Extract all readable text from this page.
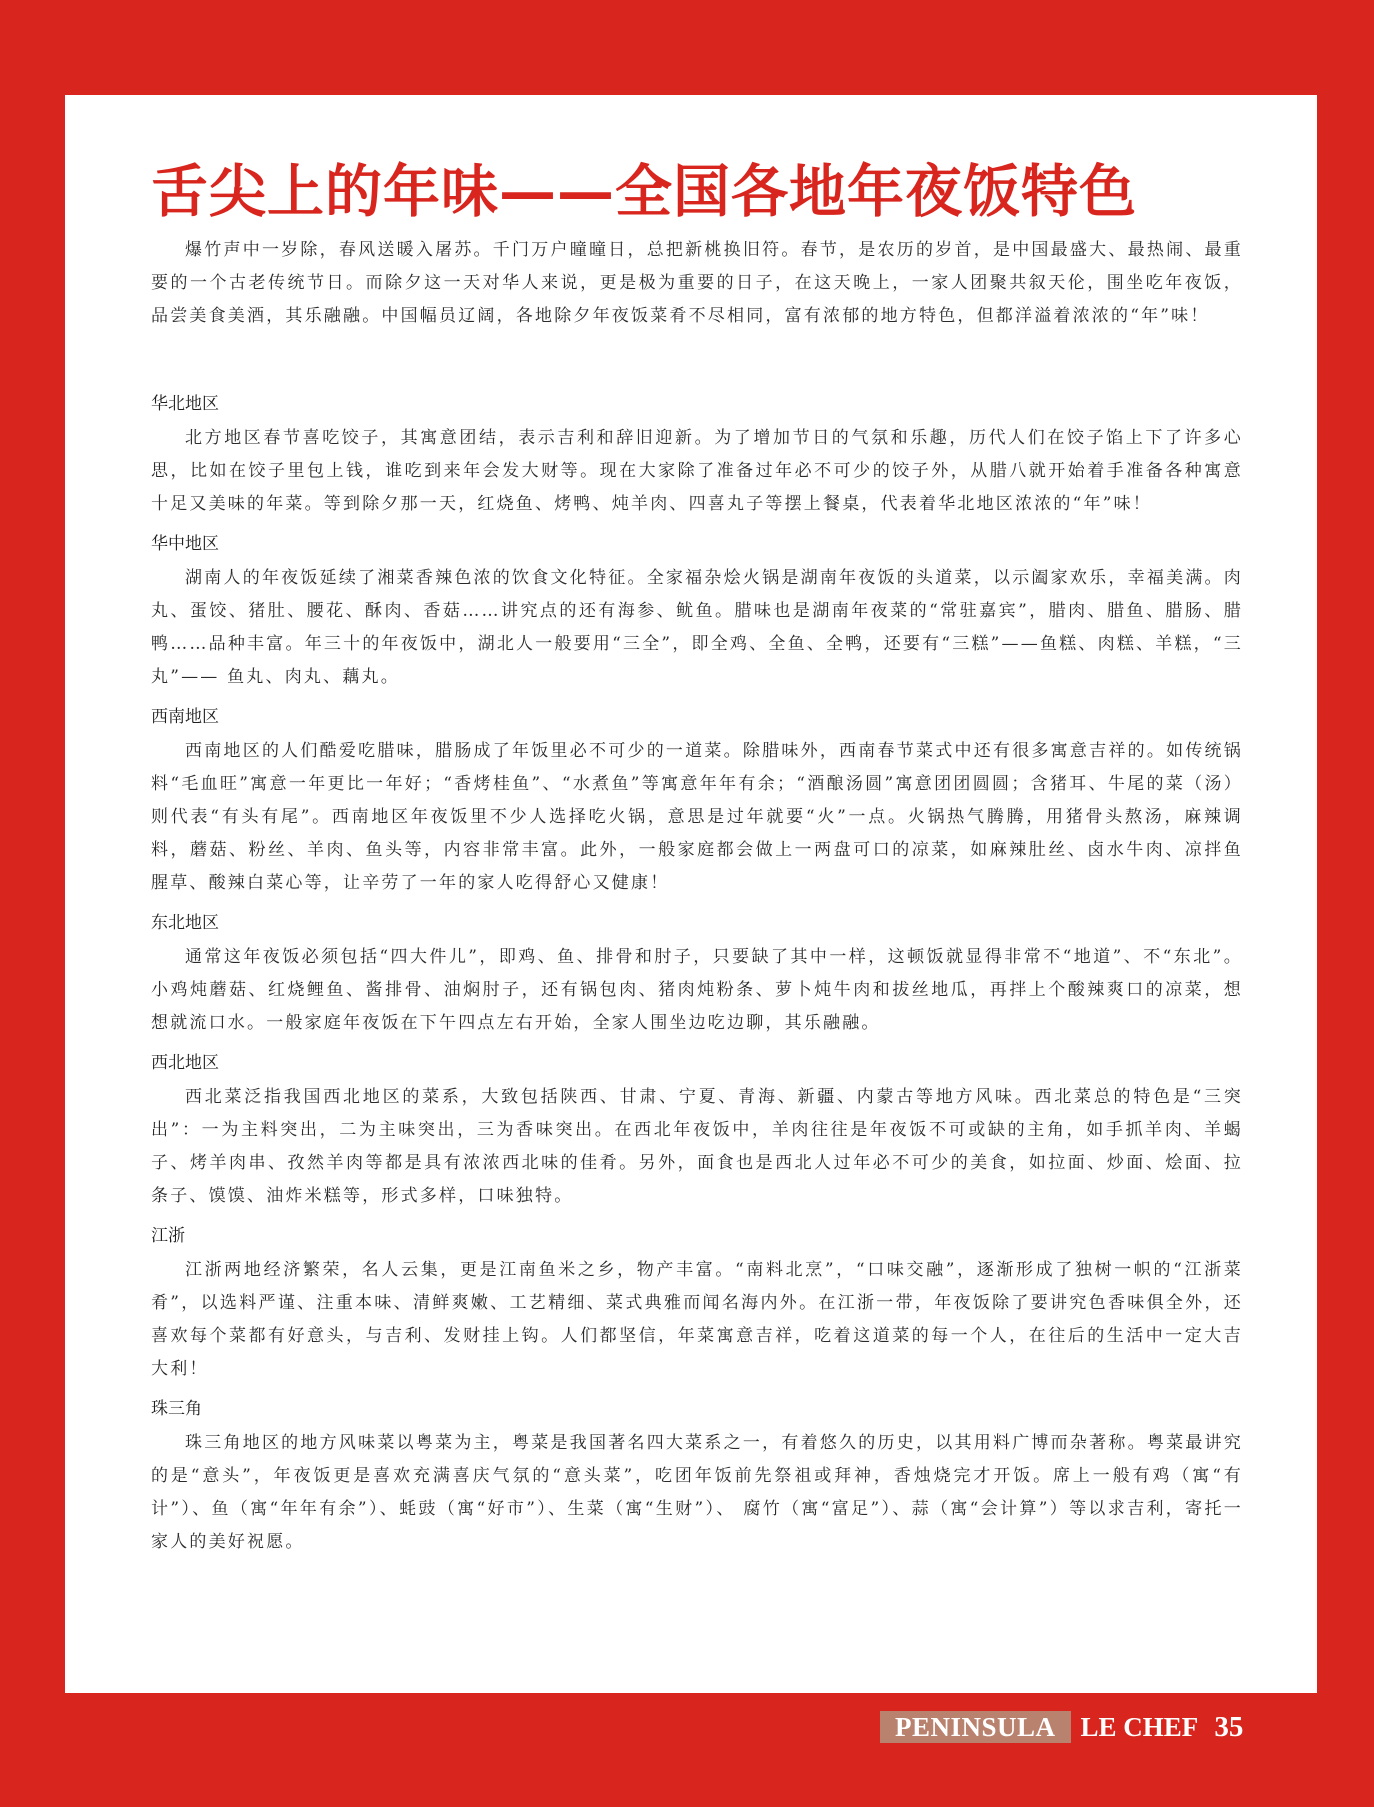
舌尖上的年味——全国各地年夜饭特色

爆竹声中一岁除，春风送暖入屠苏。千门万户曈曈日，总把新桃换旧符。春节，是农历的岁首，是中国最盛大、最热闹、最重要的一个古老传统节日。而除夕这一天对华人来说，更是极为重要的日子，在这天晚上，一家人团聚共叙天伦，围坐吃年夜饭，品尝美食美酒，其乐融融。中国幅员辽阔，各地除夕年夜饭菜肴不尽相同，富有浓郁的地方特色，但都洋溢着浓浓的“年”味！

华北地区

北方地区春节喜吃饺子，其寓意团结，表示吉利和辞旧迎新。为了增加节日的气氛和乐趣，历代人们在饺子馅上下了许多心思，比如在饺子里包上钱，谁吃到来年会发大财等。现在大家除了准备过年必不可少的饺子外，从腊八就开始着手准备各种寓意十足又美味的年菜。等到除夕那一天，红烧鱼、烤鸭、炖羊肉、四喜丸子等摆上餐桌，代表着华北地区浓浓的“年”味！

华中地区

湖南人的年夜饭延续了湘菜香辣色浓的饮食文化特征。全家福杂烩火锅是湖南年夜饭的头道菜，以示阖家欢乐，幸福美满。肉丸、蛋饺、猪肚、腰花、酥肉、香菇……讲究点的还有海参、鱿鱼。腊味也是湖南年夜菜的“常驻嘉宾”，腊肉、腊鱼、腊肠、腊鸭……品种丰富。年三十的年夜饭中，湖北人一般要用“三全”，即全鸡、全鱼、全鸭，还要有“三糕”——鱼糕、肉糕、羊糕，“三丸”—— 鱼丸、肉丸、藕丸。

西南地区

西南地区的人们酷爱吃腊味，腊肠成了年饭里必不可少的一道菜。除腊味外，西南春节菜式中还有很多寓意吉祥的。如传统锅料“毛血旺”寓意一年更比一年好；“香烤桂鱼”、“水煮鱼”等寓意年年有余；“酒酿汤圆”寓意团团圆圆；含猪耳、牛尾的菜（汤）则代表“有头有尾”。西南地区年夜饭里不少人选择吃火锅，意思是过年就要“火”一点。火锅热气腾腾，用猪骨头熬汤，麻辣调料，蘑菇、粉丝、羊肉、鱼头等，内容非常丰富。此外，一般家庭都会做上一两盘可口的凉菜，如麻辣肚丝、卤水牛肉、凉拌鱼腥草、酸辣白菜心等，让辛劳了一年的家人吃得舒心又健康！

东北地区

通常这年夜饭必须包括“四大件儿”，即鸡、鱼、排骨和肘子，只要缺了其中一样，这顿饭就显得非常不“地道”、不“东北”。小鸡炖蘑菇、红烧鲤鱼、酱排骨、油焖肘子，还有锅包肉、猪肉炖粉条、萝卜炖牛肉和拔丝地瓜，再拌上个酸辣爽口的凉菜，想想就流口水。一般家庭年夜饭在下午四点左右开始，全家人围坐边吃边聊，其乐融融。

西北地区

西北菜泛指我国西北地区的菜系，大致包括陕西、甘肃、宁夏、青海、新疆、内蒙古等地方风味。西北菜总的特色是“三突出”：一为主料突出，二为主味突出，三为香味突出。在西北年夜饭中，羊肉往往是年夜饭不可或缺的主角，如手抓羊肉、羊蝎子、烤羊肉串、孜然羊肉等都是具有浓浓西北味的佳肴。另外，面食也是西北人过年必不可少的美食，如拉面、炒面、烩面、拉条子、馍馍、油炸米糕等，形式多样，口味独特。

江浙

江浙两地经济繁荣，名人云集，更是江南鱼米之乡，物产丰富。“南料北烹”，“口味交融”，逐渐形成了独树一帜的“江浙菜肴”，以选料严谨、注重本味、清鲜爽嫩、工艺精细、菜式典雅而闻名海内外。在江浙一带，年夜饭除了要讲究色香味俱全外，还喜欢每个菜都有好意头，与吉利、发财挂上钩。人们都坚信，年菜寓意吉祥，吃着这道菜的每一个人，在往后的生活中一定大吉大利！

珠三角

珠三角地区的地方风味菜以粤菜为主，粤菜是我国著名四大菜系之一，有着悠久的历史，以其用料广博而杂著称。粤菜最讲究的是“意头”，年夜饭更是喜欢充满喜庆气氛的“意头菜”，吃团年饭前先祭祖或拜神，香烛烧完才开饭。席上一般有鸡（寓“有计”）、鱼（寓“年年有余”）、蚝豉（寓“好市”）、生菜（寓“生财”）、 腐竹（寓“富足”）、蒜（寓“会计算”）等以求吉利，寄托一家人的美好祝愿。

PENINSULA LE CHEF 35
